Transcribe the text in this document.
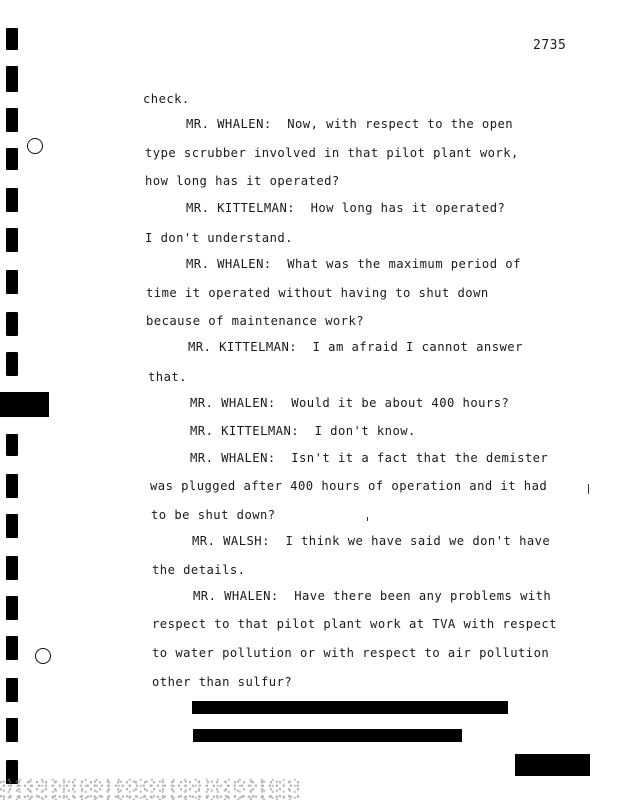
2735
check.
MR. WHALEN:  Now, with respect to the open
type scrubber involved in that pilot plant work,
how long has it operated?
MR. KITTELMAN:  How long has it operated?
I don't understand.
MR. WHALEN:  What was the maximum period of
time it operated without having to shut down
because of maintenance work?
MR. KITTELMAN:  I am afraid I cannot answer
that.
MR. WHALEN:  Would it be about 400 hours?
MR. KITTELMAN:  I don't know.
MR. WHALEN:  Isn't it a fact that the demister
was plugged after 400 hours of operation and it had
to be shut down?
MR. WALSH:  I think we have said we don't have
the details.
MR. WHALEN:  Have there been any problems with
respect to that pilot plant work at TVA with respect
to water pollution or with respect to air pollution
other than sulfur?
